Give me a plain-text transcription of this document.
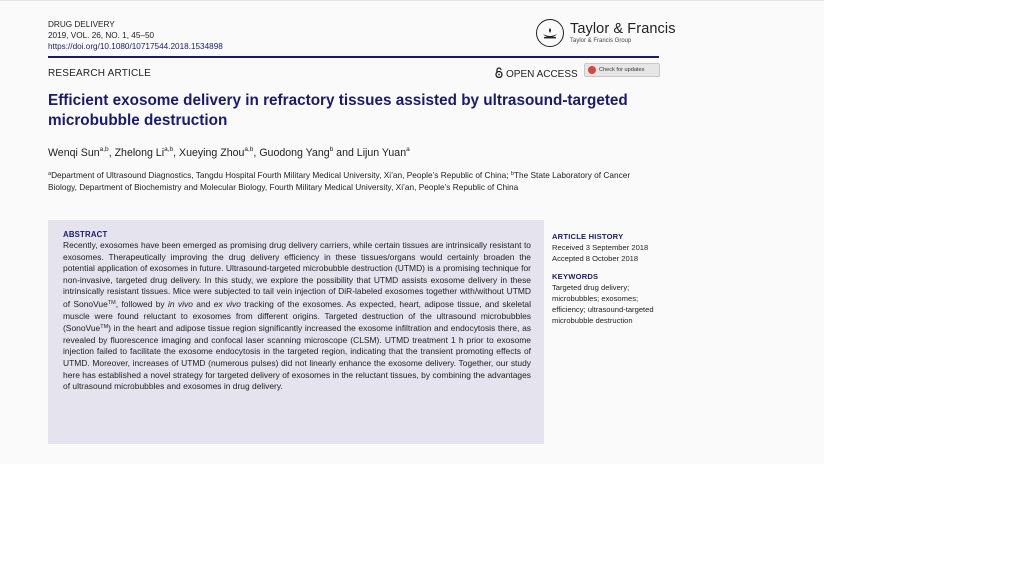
DRUG DELIVERY
2019, VOL. 26, NO. 1, 45–50
https://doi.org/10.1080/10717544.2018.1534898
Taylor & Francis
Taylor & Francis Group
RESEARCH ARTICLE	OPEN ACCESS	Check for updates
Efficient exosome delivery in refractory tissues assisted by ultrasound-targeted microbubble destruction
Wenqi Sun$^{a,b}$, Zhelong Li$^{a,b}$, Xueying Zhou$^{a,b}$, Guodong Yang$^b$ and Lijun Yuan$^a$
$^a$Department of Ultrasound Diagnostics, Tangdu Hospital Fourth Military Medical University, Xi’an, People’s Republic of China; $^b$The State Laboratory of Cancer Biology, Department of Biochemistry and Molecular Biology, Fourth Military Medical University, Xi’an, People’s Republic of China
ABSTRACT
Recently, exosomes have been emerged as promising drug delivery carriers, while certain tissues are intrinsically resistant to exosomes. Therapeutically improving the drug delivery efficiency in these tissues/organs would certainly broaden the potential application of exosomes in future. Ultrasound-targeted microbubble destruction (UTMD) is a promising technique for non-invasive, targeted drug delivery. In this study, we explore the possibility that UTMD assists exosome delivery in these intrinsically resistant tissues. Mice were subjected to tail vein injection of DiR-labeled exosomes together with/without UTMD of SonoVue™, followed by in vivo and ex vivo tracking of the exosomes. As expected, heart, adipose tissue, and skeletal muscle were found reluctant to exosomes from different origins. Targeted destruction of the ultrasound microbubbles (SonoVue™) in the heart and adipose tissue region significantly increased the exosome infiltration and endocytosis there, as revealed by fluorescence imaging and confocal laser scanning microscope (CLSM). UTMD treatment 1 h prior to exosome injection failed to facilitate the exosome endocytosis in the targeted region, indicating that the transient promoting effects of UTMD. Moreover, increases of UTMD (numerous pulses) did not linearly enhance the exosome delivery. Together, our study here has established a novel strategy for targeted delivery of exosomes in the reluctant tissues, by combining the advantages of ultrasound microbubbles and exosomes in drug delivery.
ARTICLE HISTORY
Received 3 September 2018
Accepted 8 October 2018
KEYWORDS
Targeted drug delivery; microbubbles; exosomes; efficiency; ultrasound-targeted microbubble destruction
